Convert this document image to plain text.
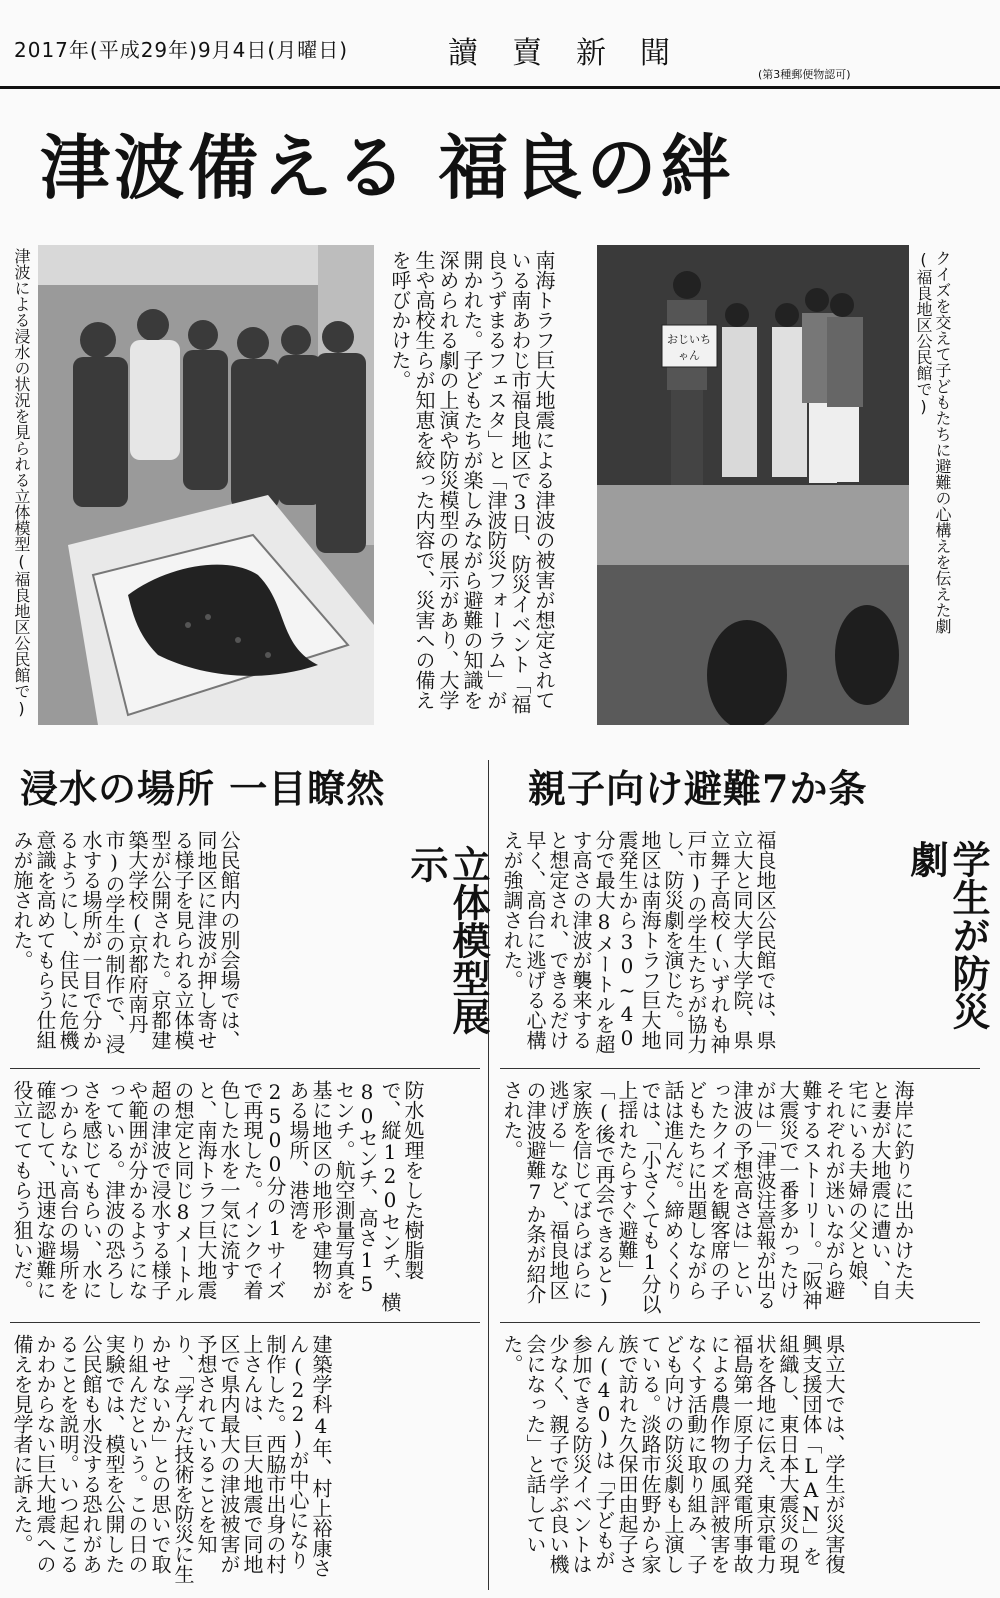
2017年(平成29年)9月4日(月曜日)	讀賣新聞
(第3種郵便物認可)
津波備える 福良の絆
津波による浸水の状況を見られる立体模型(福良地区公民館で)	南海トラフ巨大地震による津波の被害が想定されている南あわじ市福良地区で3日、防災イベント「福良うずまるフェスタ」と「津波防災フォーラム」が開かれた。子どもたちが楽しみながら避難の知識を深められる劇の上演や防災模型の展示があり、大学生や高校生らが知恵を絞った内容で、災害への備えを呼びかけた。	おじいちゃん	クイズを交えて子どもたちに避難の心構えを伝えた劇(福良地区公民館で)
浸水の場所 一目瞭然	親子向け避難7か条
立体模型展示
公民館内の別会場では、同地区に津波が押し寄せる様子を見られる立体模型が公開された。京都建築大学校(京都府南丹市)の学生の制作で、浸水する場所が一目で分かるようにし、住民に危機意識を高めてもらう仕組みが施された。
防水処理をした樹脂製で、縦120センチ、横80センチ、高さ15センチ。航空測量写真を基に地区の地形や建物がある場所、港湾を2500分の1サイズで再現した。インクで着色した水を一気に流すと、南海トラフ巨大地震の想定と同じ8メートル超の津波で浸水する様子や範囲が分かるようになっている。津波の恐ろしさを感じてもらい、水につからない高台の場所を確認して、迅速な避難に役立ててもらう狙いだ。
建築学科4年、村上裕康さん(22)が中心になり制作した。西脇市出身の村上さんは、巨大地震で同地区で県内最大の津波被害が予想されていることを知り、「学んだ技術を防災に生かせないか」との思いで取り組んだという。この日の実験では、模型を公開した公民館も水没する恐れがあることを説明。いつ起こるかわからない巨大地震への備えを見学者に訴えた。
学生が防災劇
福良地区公民館では、県立大と同大学大学院、県立舞子高校(いずれも神戸市)の学生たちが協力し、防災劇を演じた。同地区は南海トラフ巨大地震発生から30~40分で最大8メートルを超す高さの津波が襲来すると想定され、できるだけ早く、高台に逃げる心構えが強調された。
海岸に釣りに出かけた夫と妻が大地震に遭い、自宅にいる夫婦の父と娘、それぞれが迷いながら避難するストーリー。「阪神大震災で一番多かったけがは」「津波注意報が出る津波の予想高さは」といったクイズを観客席の子どもたちに出題しながら話は進んだ。締めくくりでは、「小さくても1分以上揺れたらすぐ避難」「(後で再会できると)家族を信じてばらばらに逃げる」など、福良地区の津波避難7か条が紹介された。
県立大では、学生が災害復興支援団体「LAN」を組織し、東日本大震災の現状を各地に伝え、東京電力福島第一原子力発電所事故による農作物の風評被害をなくす活動に取り組み、子ども向けの防災劇も上演している。淡路市佐野から家族で訪れた久保田由起子さん(40)は「子どもが参加できる防災イベントは少なく、親子で学ぶ良い機会になった」と話していた。
